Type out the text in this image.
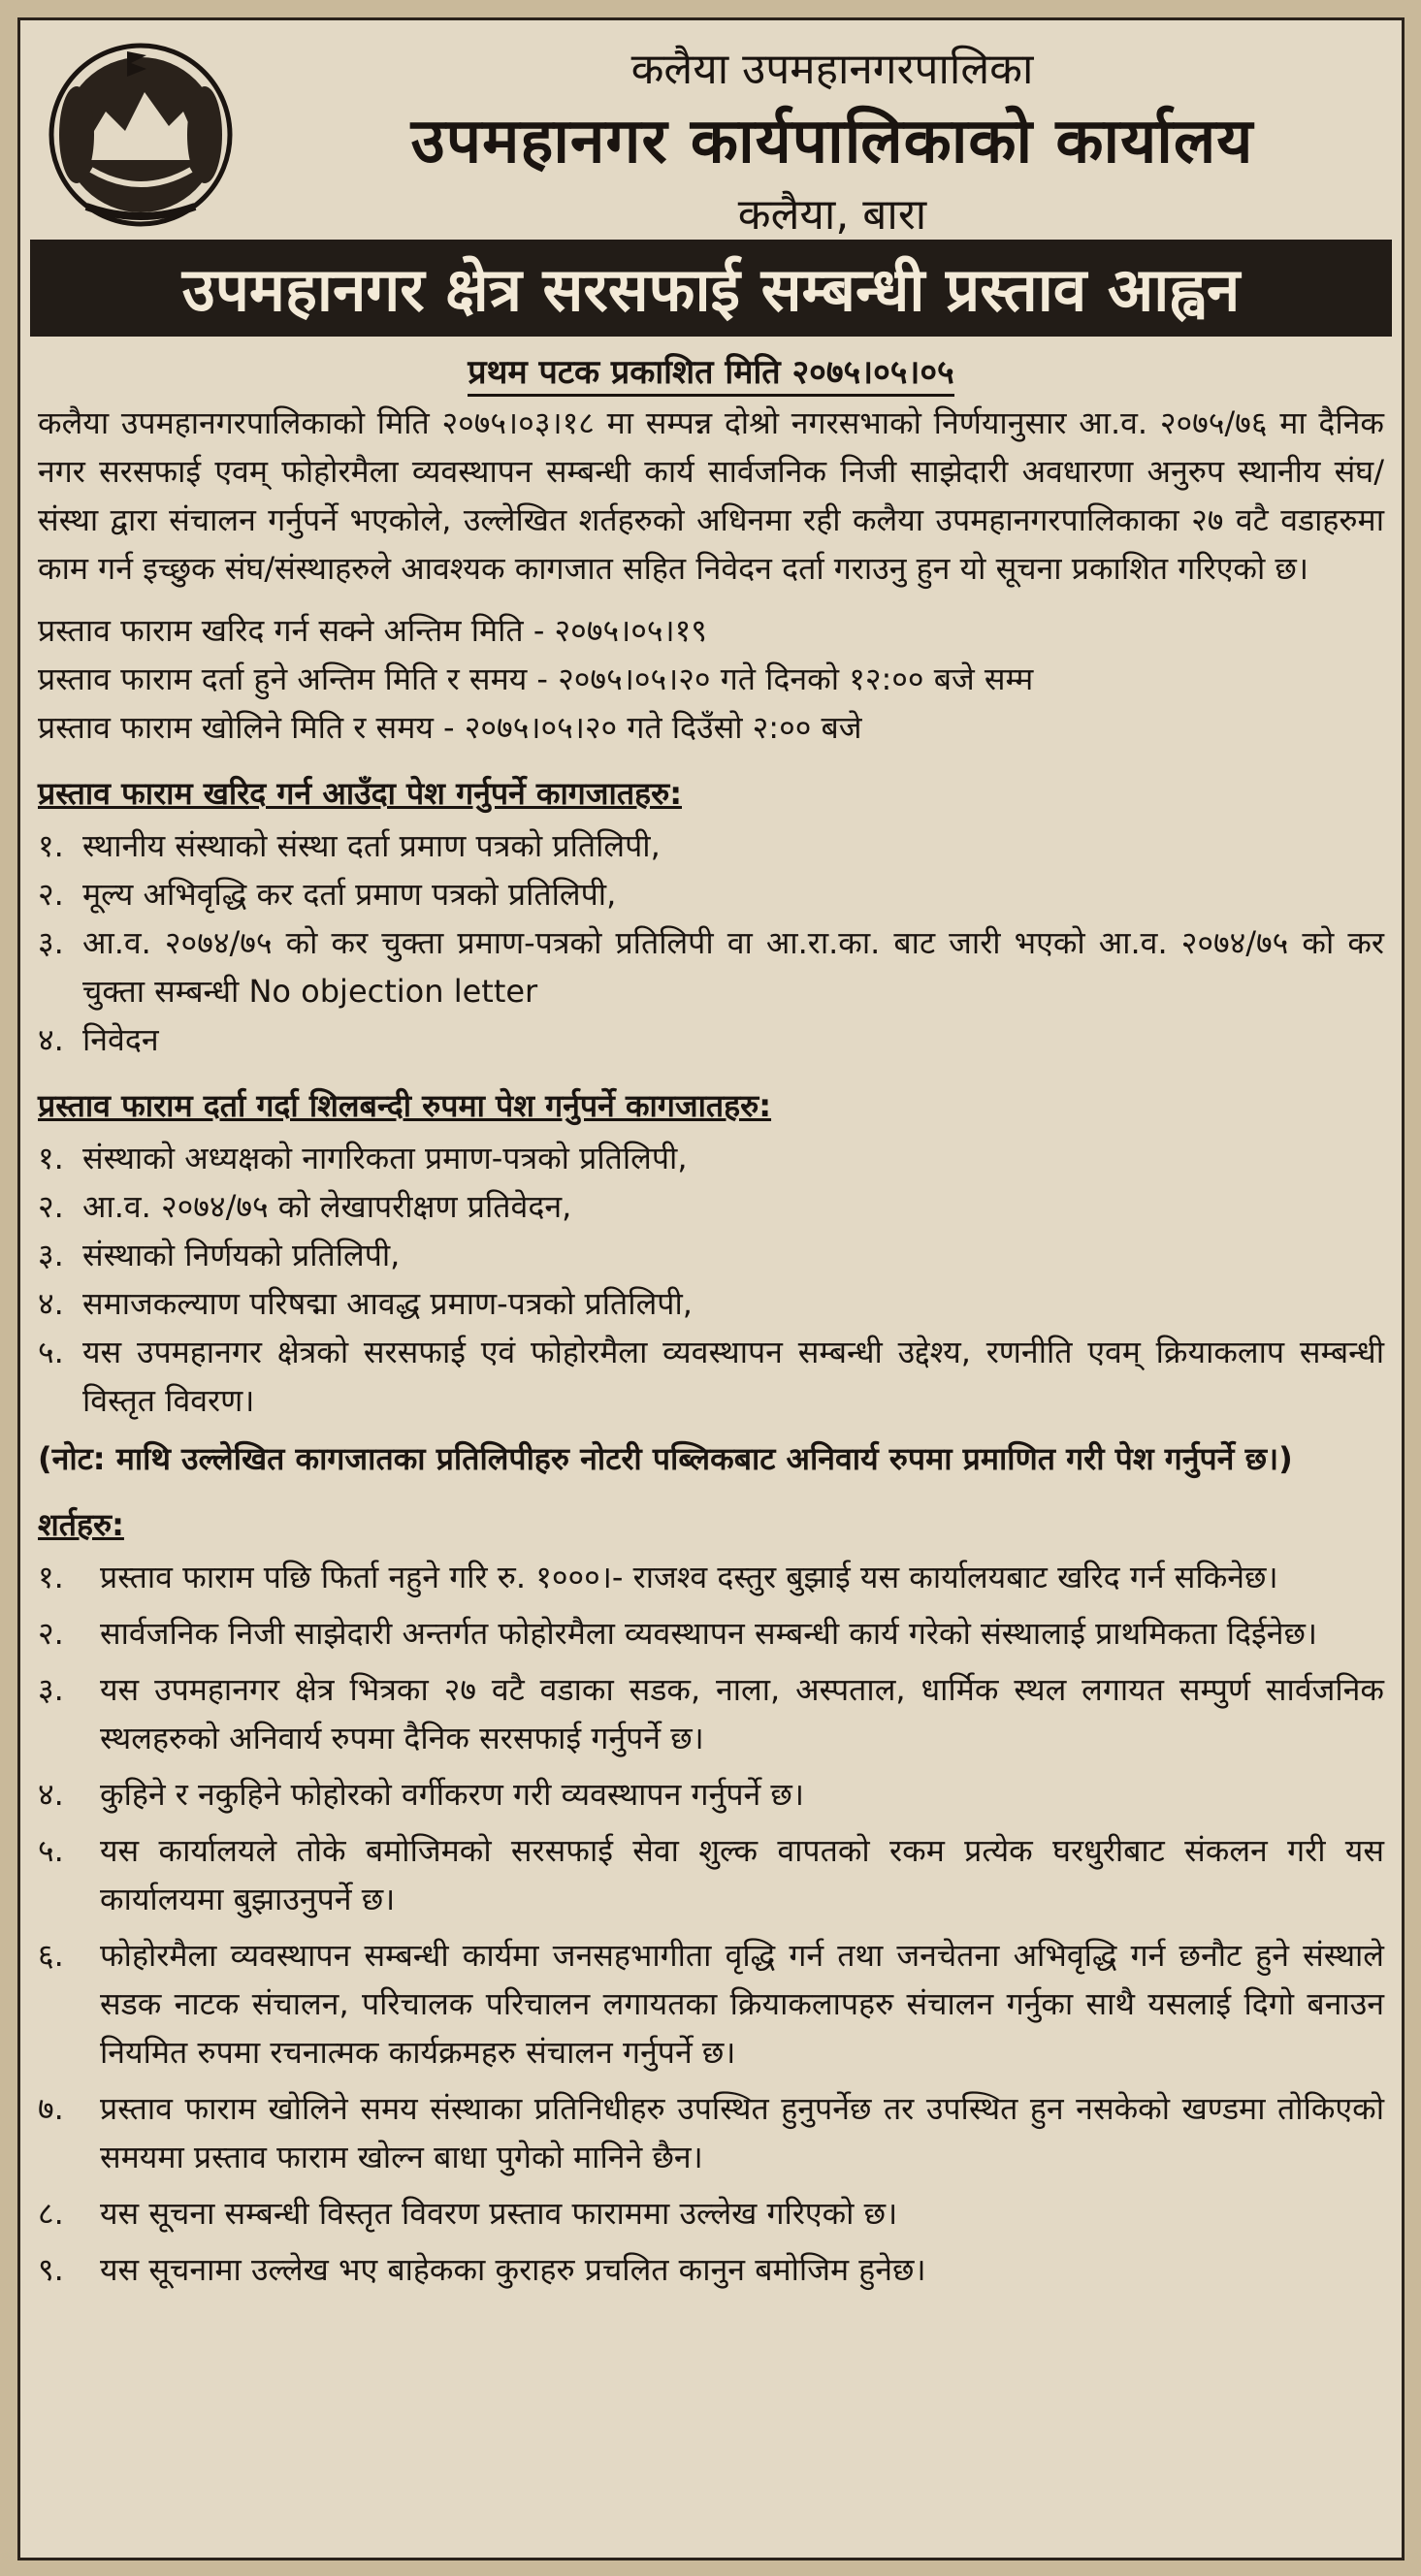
कलैया उपमहानगरपालिका
उपमहानगर कार्यपालिकाको कार्यालय
कलैया, बारा
उपमहानगर क्षेत्र सरसफाई सम्बन्धी प्रस्ताव आह्वन
प्रथम पटक प्रकाशित मिति २०७५।०५।०५

कलैया उपमहानगरपालिकाको मिति २०७५।०३।१८ मा सम्पन्न दोश्रो नगरसभाको निर्णयानुसार आ.व. २०७५/७६ मा दैनिक नगर सरसफाई एवम् फोहोरमैला व्यवस्थापन सम्बन्धी कार्य सार्वजनिक निजी साझेदारी अवधारणा अनुरुप स्थानीय संघ/संस्था द्वारा संचालन गर्नुपर्ने भएकोले, उल्लेखित शर्तहरुको अधिनमा रही कलैया उपमहानगरपालिकाका २७ वटै वडाहरुमा काम गर्न इच्छुक संघ/संस्थाहरुले आवश्यक कागजात सहित निवेदन दर्ता गराउनु हुन यो सूचना प्रकाशित गरिएको छ।

प्रस्ताव फाराम खरिद गर्न सक्ने अन्तिम मिति - २०७५।०५।१९

प्रस्ताव फाराम दर्ता हुने अन्तिम मिति र समय - २०७५।०५।२० गते दिनको १२:०० बजे सम्म

प्रस्ताव फाराम खोलिने मिति र समय - २०७५।०५।२० गते दिउँसो २:०० बजे

प्रस्ताव फाराम खरिद गर्न आउँदा पेश गर्नुपर्ने कागजातहरु:
१. स्थानीय संस्थाको संस्था दर्ता प्रमाण पत्रको प्रतिलिपी,
२. मूल्य अभिवृद्धि कर दर्ता प्रमाण पत्रको प्रतिलिपी,
३. आ.व. २०७४/७५ को कर चुक्ता प्रमाण-पत्रको प्रतिलिपी वा आ.रा.का. बाट जारी भएको आ.व. २०७४/७५ को कर चुक्ता सम्बन्धी No objection letter
४. निवेदन
प्रस्ताव फाराम दर्ता गर्दा शिलबन्दी रुपमा पेश गर्नुपर्ने कागजातहरु:
१. संस्थाको अध्यक्षको नागरिकता प्रमाण-पत्रको प्रतिलिपी,
२. आ.व. २०७४/७५ को लेखापरीक्षण प्रतिवेदन,
३. संस्थाको निर्णयको प्रतिलिपी,
४. समाजकल्याण परिषद्मा आवद्ध प्रमाण-पत्रको प्रतिलिपी,
५. यस उपमहानगर क्षेत्रको सरसफाई एवं फोहोरमैला व्यवस्थापन सम्बन्धी उद्देश्य, रणनीति एवम् क्रियाकलाप सम्बन्धी विस्तृत विवरण।

(नोट: माथि उल्लेखित कागजातका प्रतिलिपीहरु नोटरी पब्लिकबाट अनिवार्य रुपमा प्रमाणित गरी पेश गर्नुपर्ने छ।)

शर्तहरु:
१.	प्रस्ताव फाराम पछि फिर्ता नहुने गरि रु. १०००।- राजश्व दस्तुर बुझाई यस कार्यालयबाट खरिद गर्न सकिनेछ।
२.	सार्वजनिक निजी साझेदारी अन्तर्गत फोहोरमैला व्यवस्थापन सम्बन्धी कार्य गरेको संस्थालाई प्राथमिकता दिईनेछ।
३.	यस उपमहानगर क्षेत्र भित्रका २७ वटै वडाका सडक, नाला, अस्पताल, धार्मिक स्थल लगायत सम्पुर्ण सार्वजनिक स्थलहरुको अनिवार्य रुपमा दैनिक सरसफाई गर्नुपर्ने छ।
४.	कुहिने र नकुहिने फोहोरको वर्गीकरण गरी व्यवस्थापन गर्नुपर्ने छ।
५.	यस कार्यालयले तोके बमोजिमको सरसफाई सेवा शुल्क वापतको रकम प्रत्येक घरधुरीबाट संकलन गरी यस कार्यालयमा बुझाउनुपर्ने छ।
६.	फोहोरमैला व्यवस्थापन सम्बन्धी कार्यमा जनसहभागीता वृद्धि गर्न तथा जनचेतना अभिवृद्धि गर्न छनौट हुने संस्थाले सडक नाटक संचालन, परिचालक परिचालन लगायतका क्रियाकलापहरु संचालन गर्नुका साथै यसलाई दिगो बनाउन नियमित रुपमा रचनात्मक कार्यक्रमहरु संचालन गर्नुपर्ने छ।
७.	प्रस्ताव फाराम खोलिने समय संस्थाका प्रतिनिधीहरु उपस्थित हुनुपर्नेछ तर उपस्थित हुन नसकेको खण्डमा तोकिएको समयमा प्रस्ताव फाराम खोल्न बाधा पुगेको मानिने छैन।
८.	यस सूचना सम्बन्धी विस्तृत विवरण प्रस्ताव फाराममा उल्लेख गरिएको छ।
९.	यस सूचनामा उल्लेख भए बाहेकका कुराहरु प्रचलित कानुन बमोजिम हुनेछ।
